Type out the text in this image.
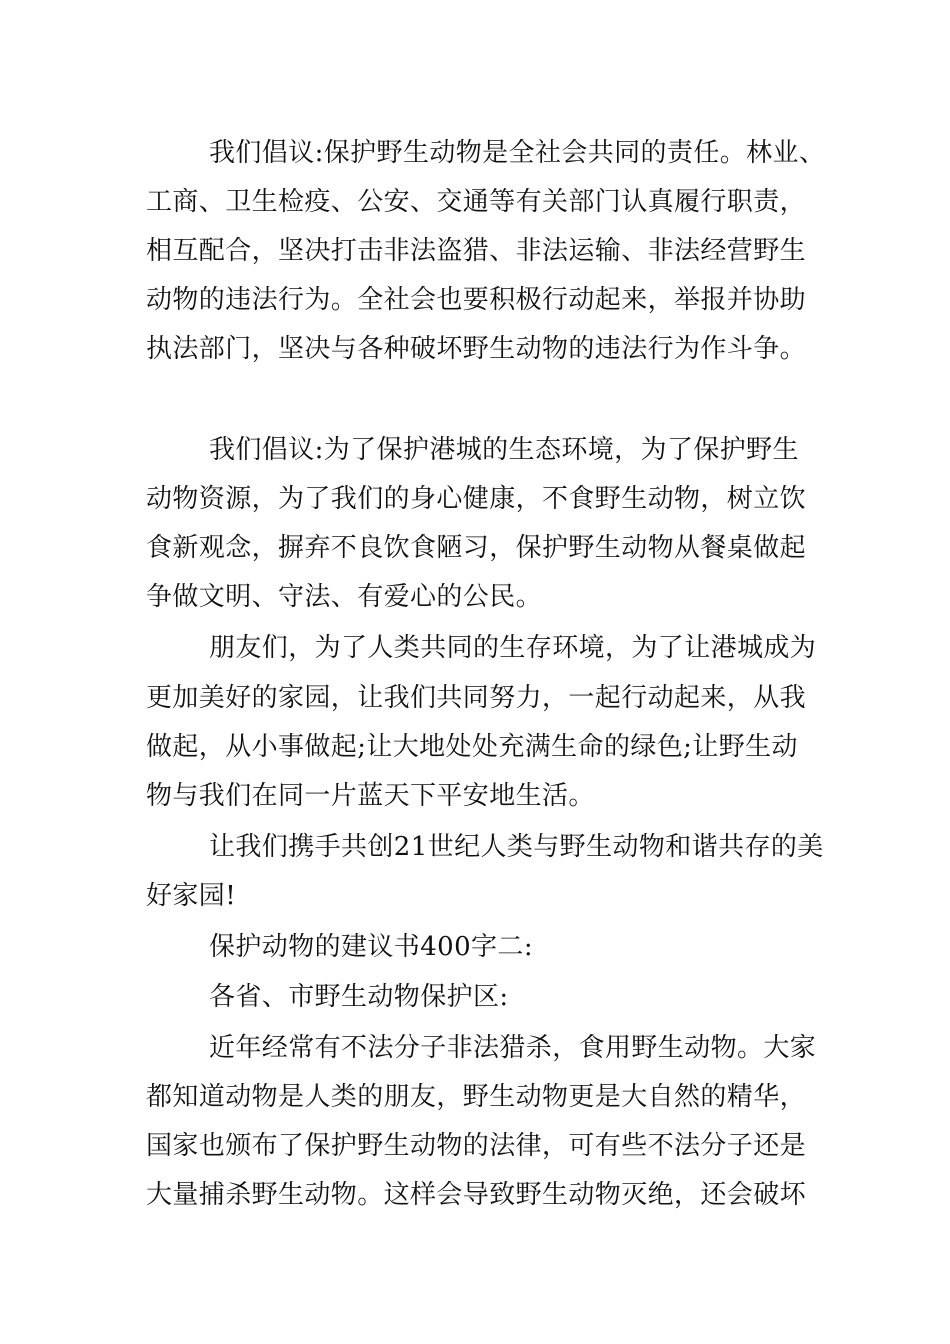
我们倡议:保护野生动物是全社会共同的责任。林业、
工商、卫生检疫、公安、交通等有关部门认真履行职责，
相互配合，坚决打击非法盗猎、非法运输、非法经营野生
动物的违法行为。全社会也要积极行动起来，举报并协助
执法部门，坚决与各种破坏野生动物的违法行为作斗争。
我们倡议:为了保护港城的生态环境，为了保护野生
动物资源，为了我们的身心健康，不食野生动物，树立饮
食新观念，摒弃不良饮食陋习，保护野生动物从餐桌做起
争做文明、守法、有爱心的公民。
朋友们，为了人类共同的生存环境，为了让港城成为
更加美好的家园，让我们共同努力，一起行动起来，从我
做起，从小事做起;让大地处处充满生命的绿色;让野生动
物与我们在同一片蓝天下平安地生活。
让我们携手共创21世纪人类与野生动物和谐共存的美
好家园!
保护动物的建议书400字二:
各省、市野生动物保护区:
近年经常有不法分子非法猎杀，食用野生动物。大家
都知道动物是人类的朋友，野生动物更是大自然的精华，
国家也颁布了保护野生动物的法律，可有些不法分子还是
大量捕杀野生动物。这样会导致野生动物灭绝，还会破坏
